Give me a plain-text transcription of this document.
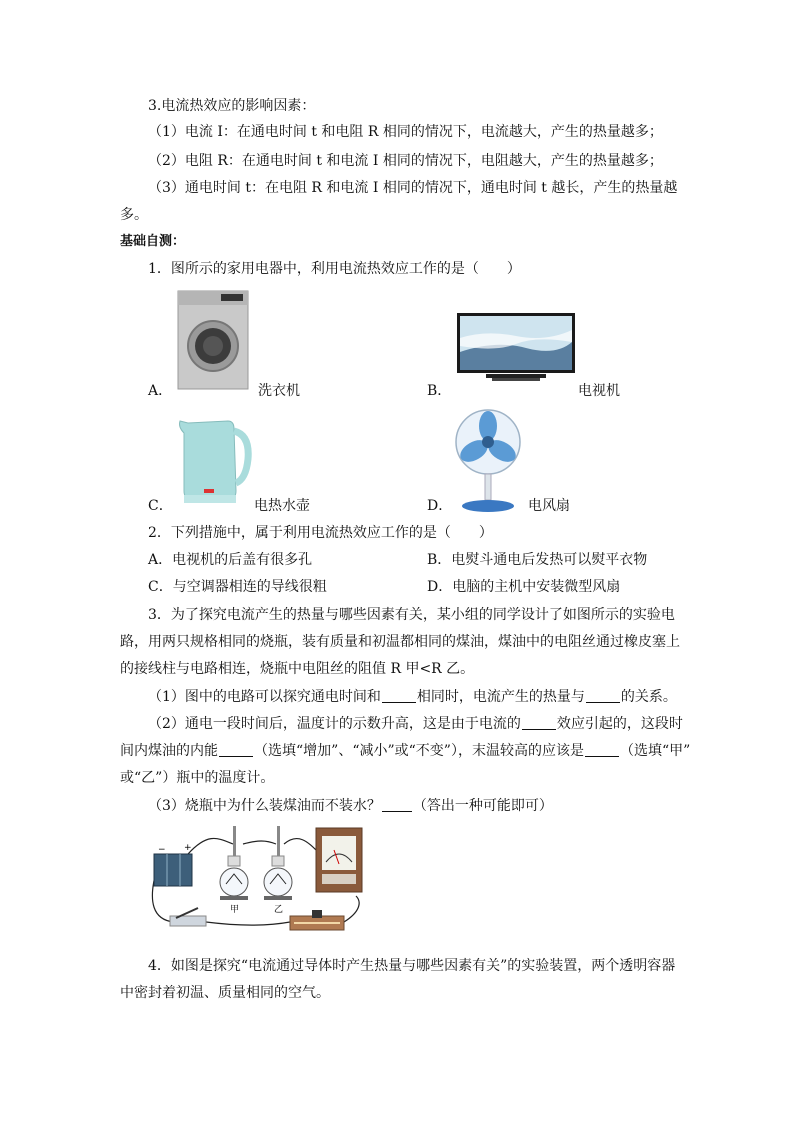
3.电流热效应的影响因素：
（1）电流 I：在通电时间 t 和电阻 R 相同的情况下，电流越大，产生的热量越多；
（2）电阻 R：在通电时间 t 和电流 I 相同的情况下，电阻越大，产生的热量越多；
（3）通电时间 t：在电阻 R 和电流 I 相同的情况下，通电时间 t 越长，产生的热量越
多。
基础自测：
1．图所示的家用电器中，利用电流热效应工作的是（　　）
A．	洗衣机	B．	电视机
C．	电热水壶	D．	电风扇
2．下列措施中，属于利用电流热效应工作的是（　　）
A．电视机的后盖有很多孔	B．电熨斗通电后发热可以熨平衣物
C．与空调器相连的导线很粗	D．电脑的主机中安装微型风扇
3．为了探究电流产生的热量与哪些因素有关，某小组的同学设计了如图所示的实验电
路，用两只规格相同的烧瓶，装有质量和初温都相同的煤油，煤油中的电阻丝通过橡皮塞上
的接线柱与电路相连，烧瓶中电阻丝的阻值 R 甲<R 乙。
（1）图中的电路可以探究通电时间和	相同时，电流产生的热量与	的关系。
（2）通电一段时间后，温度计的示数升高，这是由于电流的	效应引起的，这段时
间内煤油的内能	（选填“增加”、“减小”或“不变”），末温较高的应该是	（选填“甲”
或“乙”）瓶中的温度计。
（3）烧瓶中为什么装煤油而不装水？ （答出一种可能即可）
− +
甲	乙
4．如图是探究“电流通过导体时产生热量与哪些因素有关”的实验装置，两个透明容器
中密封着初温、质量相同的空气。
